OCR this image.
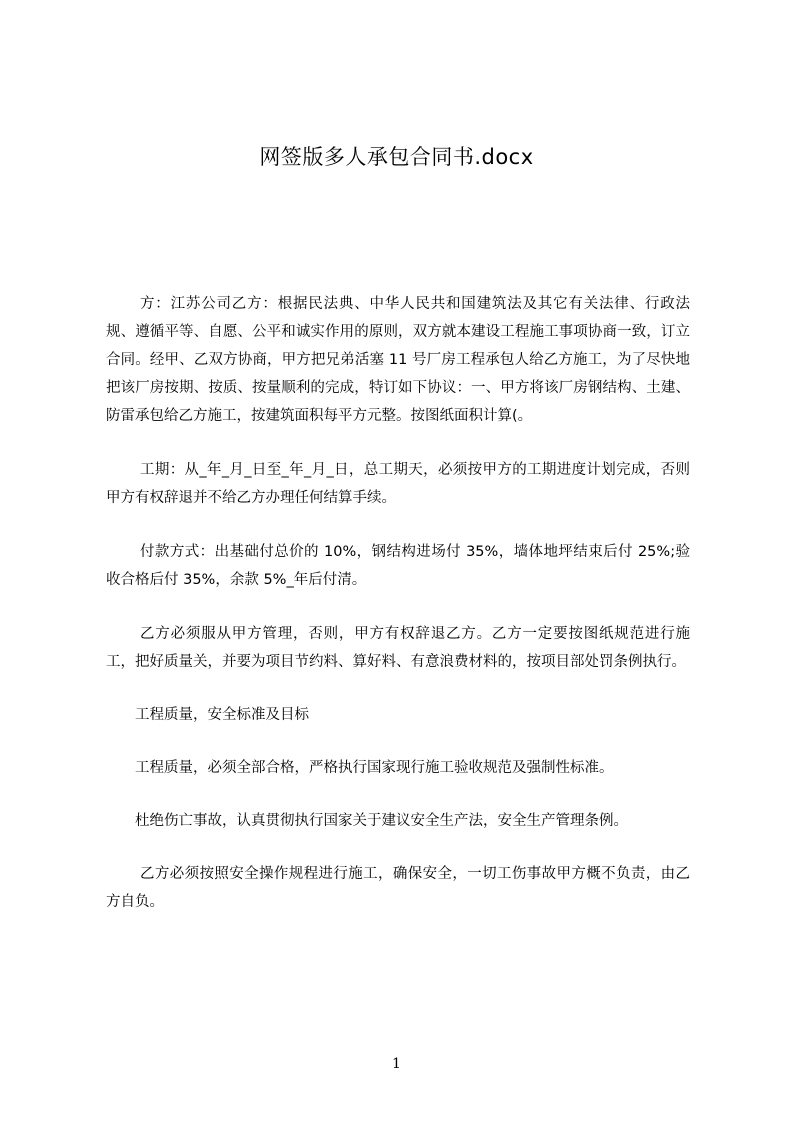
网签版多人承包合同书.docx

方：江苏公司乙方：根据民法典、中华人民共和国建筑法及其它有关法律、行政法规、遵循平等、自愿、公平和诚实作用的原则，双方就本建设工程施工事项协商一致，订立合同。经甲、乙双方协商，甲方把兄弟活塞 11 号厂房工程承包人给乙方施工，为了尽快地把该厂房按期、按质、按量顺利的完成，特订如下协议：一、甲方将该厂房钢结构、土建、防雷承包给乙方施工，按建筑面积每平方元整。按图纸面积计算(。

工期：从_年_月_日至_年_月_日，总工期天，必须按甲方的工期进度计划完成，否则甲方有权辞退并不给乙方办理任何结算手续。

付款方式：出基础付总价的 10%，钢结构进场付 35%，墙体地坪结束后付 25%;验收合格后付 35%，余款 5%_年后付清。

乙方必须服从甲方管理，否则，甲方有权辞退乙方。乙方一定要按图纸规范进行施工，把好质量关，并要为项目节约料、算好料、有意浪费材料的，按项目部处罚条例执行。

工程质量，安全标准及目标

工程质量，必须全部合格，严格执行国家现行施工验收规范及强制性标准。

杜绝伤亡事故，认真贯彻执行国家关于建议安全生产法，安全生产管理条例。

乙方必须按照安全操作规程进行施工，确保安全，一切工伤事故甲方概不负责，由乙方自负。

1
